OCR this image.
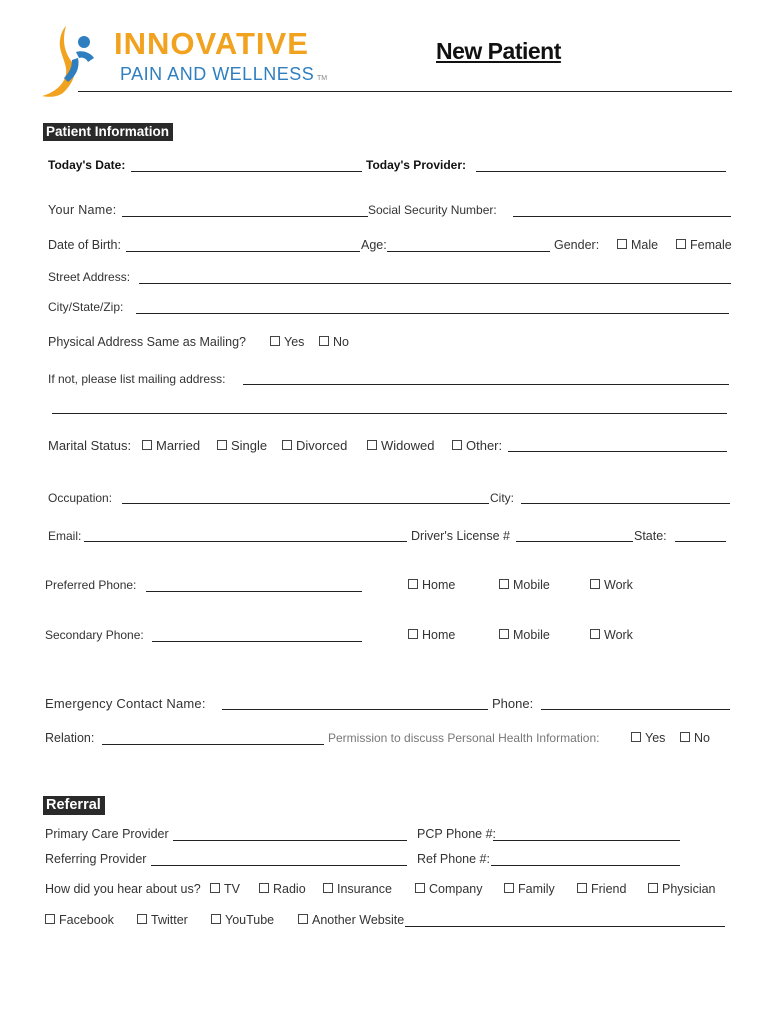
INNOVATIVE
PAIN AND WELLNESS TM
New Patient
Patient Information
Today's Date:	Today's Provider:
Your Name:	Social Security Number:
Date of Birth:	Age:	Gender:	Male	Female
Street Address:
City/State/Zip:
Physical Address Same as Mailing?	Yes	No
If not, please list mailing address:
Marital Status:	Married	Single	Divorced	Widowed	Other:
Occupation:	City:
Email:	Driver's License #	State:
Preferred Phone:	Home	Mobile	Work
Secondary Phone:	Home	Mobile	Work
Emergency Contact Name:	Phone:
Relation:	Permission to discuss Personal Health Information:	Yes	No
Referral
Primary Care Provider	PCP Phone #:
Referring Provider	Ref Phone #:
How did you hear about us?	TV	Radio	Insurance	Company	Family	Friend	Physician
Facebook	Twitter	YouTube	Another Website
